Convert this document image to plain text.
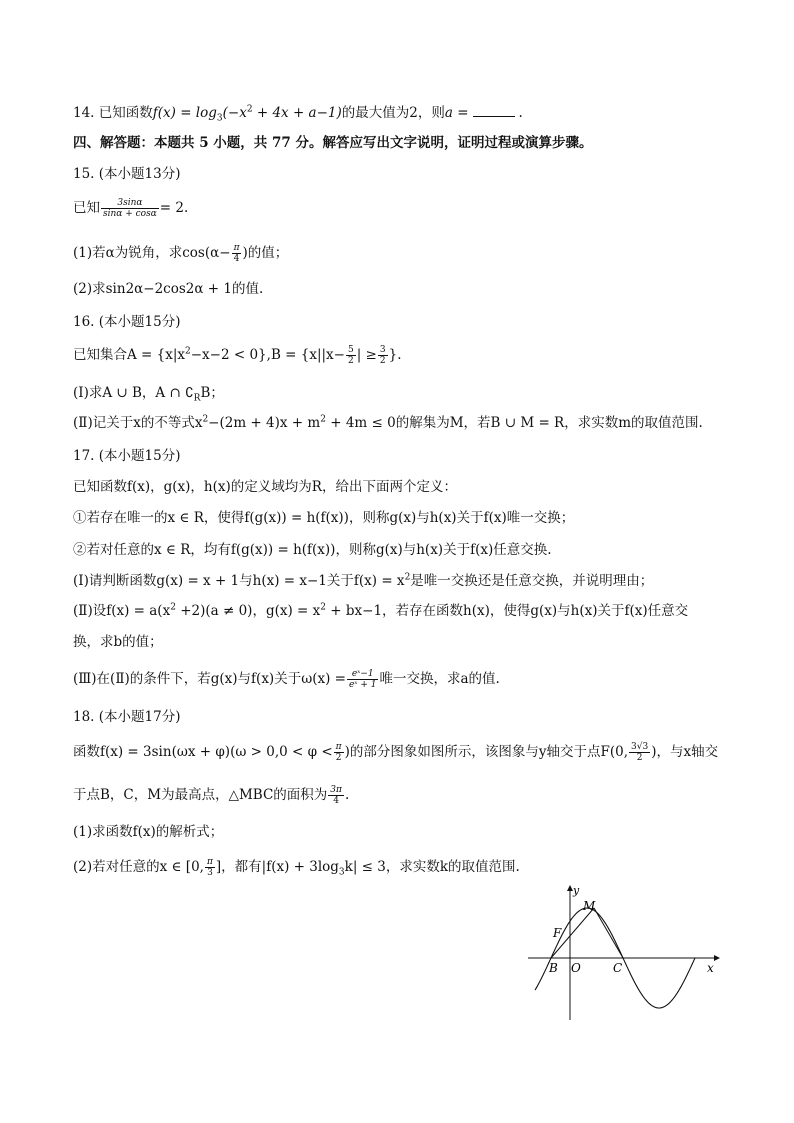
14. 已知函数$f(x) = \log_3(-x^2 + 4x + a-1)$的最大值为2，则a =	.
四、解答题：本题共 5 小题，共 77 分。解答应写出文字说明，证明过程或演算步骤。
15. (本小题13分)
已知 $\frac{3\sin\alpha}{\sin\alpha + \cos\alpha} = 2$.
(1)若α为锐角，求$\cos(\alpha- \frac{\pi}{4}$ )的值；
(2)求sin2α−2cos2α + 1的值.
16. (本小题15分)
已知集合$A = \{x|x^2-x-2 < 0\},B = \{x||x- \frac{5}{2}$ | ≥ $\frac{3}{2}$ }.
(Ⅰ)求A ∪ B，A ∩ $∁_RB$；
(Ⅱ)记关于x的不等式$x^2-(2m + 4)x + m^2 + 4m \le 0$的解集为M，若B ∪ M = R，求实数m的取值范围.
17. (本小题15分)
已知函数f(x)，g(x)，h(x)的定义域均为R，给出下面两个定义：
①若存在唯一的x ∈ R，使得f(g(x)) = h(f(x))，则称g(x)与h(x)关于f(x)唯一交换；
②若对任意的x ∈ R，均有f(g(x)) = h(f(x))，则称g(x)与h(x)关于f(x)任意交换.
(Ⅰ)请判断函数g(x) = x + 1与h(x) = x−1关于$f(x) = x^2$是唯一交换还是任意交换，并说明理由；
(Ⅱ)设$f(x) = a(x^2 +2)(a \ne 0)$，$g(x) = x^2 + bx-1$，若存在函数h(x)，使得g(x)与h(x)关于f(x)任意交
换，求b的值；
(Ⅲ)在(Ⅱ)的条件下，若g(x)与f(x)关于$\omega(x) = \frac{\text{eˣ−1}}{\text{eˣ + 1}}$ 唯一交换，求a的值.
18. (本小题17分)
函数$f(x) = 3\sin(\omega x + \varphi)(\omega > 0,0 < \varphi < \frac{\pi}{2}$ )的部分图象如图所示，该图象与y轴交于点F(0, $\frac{3√3}{2}$ )，与x轴交
于点B，C，M为最高点，△MBC的面积为 $\frac{3\pi}{4}$ .
(1)求函数f(x)的解析式；
(2)若对任意的x ∈ [0, $\frac{\pi}{3}$ ]，都有$|f(x) + 3\log_3k| \le 3$，求实数k的取值范围.
y
M
F
B O	C	x
